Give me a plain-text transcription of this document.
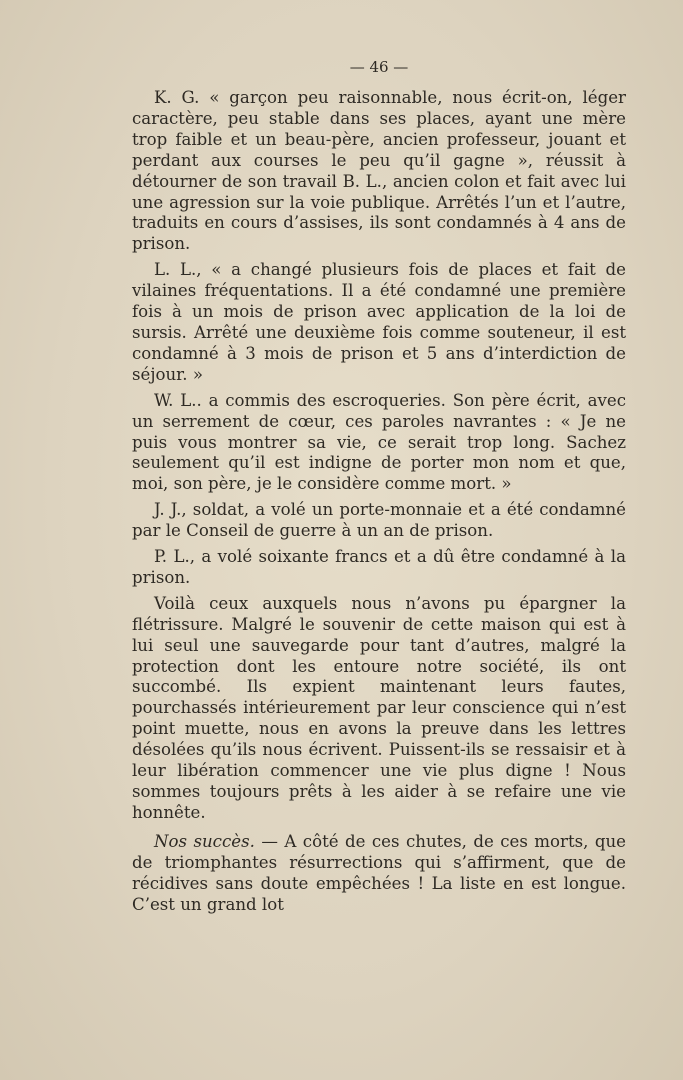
— 46 —

K. G. « garçon peu raisonnable, nous écrit-on, léger caractère, peu stable dans ses places, ayant une mère trop faible et un beau-père, ancien professeur, jouant et perdant aux courses le peu qu’il gagne », réussit à détourner de son travail B. L., ancien colon et fait avec lui une agression sur la voie publique. Arrêtés l’un et l’autre, traduits en cours d’assises, ils sont condamnés à 4 ans de prison.

L. L., « a changé plusieurs fois de places et fait de vilaines fréquentations. Il a été condamné une première fois à un mois de prison avec application de la loi de sursis. Arrêté une deuxième fois comme souteneur, il est condamné à 3 mois de prison et 5 ans d’interdiction de séjour. »

W. L.. a commis des escroqueries. Son père écrit, avec un serrement de cœur, ces paroles navrantes : « Je ne puis vous montrer sa vie, ce serait trop long. Sachez seulement qu’il est indigne de porter mon nom et que, moi, son père, je le considère comme mort. »

J. J., soldat, a volé un porte-monnaie et a été condamné par le Conseil de guerre à un an de prison.

P. L., a volé soixante francs et a dû être condamné à la prison.

Voilà ceux auxquels nous n’avons pu épargner la flétrissure. Malgré le souvenir de cette maison qui est à lui seul une sauvegarde pour tant d’autres, malgré la protection dont les entoure notre société, ils ont succombé. Ils expient maintenant leurs fautes, pourchassés intérieurement par leur conscience qui n’est point muette, nous en avons la preuve dans les lettres désolées qu’ils nous écrivent. Puissent-ils se ressaisir et à leur libération commencer une vie plus digne ! Nous sommes toujours prêts à les aider à se refaire une vie honnête.

Nos succès. — A côté de ces chutes, de ces morts, que de triomphantes résurrections qui s’affirment, que de récidives sans doute empêchées ! La liste en est longue. C’est un grand lot
